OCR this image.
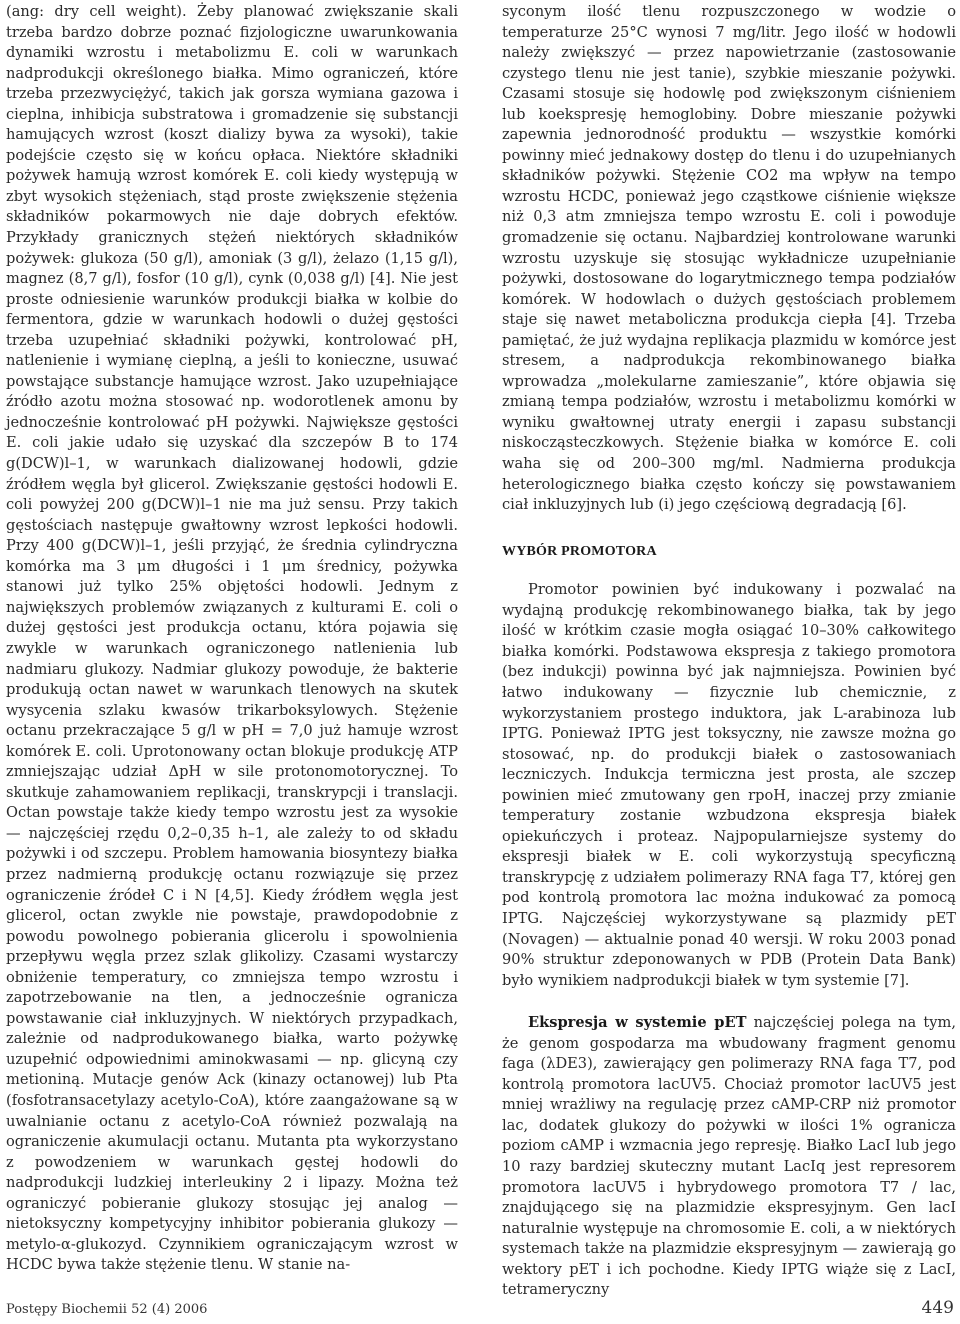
(ang: dry cell weight). Żeby planować zwiększanie skali trzeba bardzo dobrze poznać fizjologiczne uwarunkowania dynamiki wzrostu i metabolizmu E. coli w warunkach nadprodukcji określonego białka. Mimo ograniczeń, które trzeba przezwyciężyć, takich jak gorsza wymiana gazowa i cieplna, inhibicja substratowa i gromadzenie się substancji hamujących wzrost (koszt dializy bywa za wysoki), takie podejście często się w końcu opłaca. Niektóre składniki pożywek hamują wzrost komórek E. coli kiedy występują w zbyt wysokich stężeniach, stąd proste zwiększenie stężenia składników pokarmowych nie daje dobrych efektów. Przykłady granicznych stężeń niektórych składników pożywek: glukoza (50 g/l), amoniak (3 g/l), żelazo (1,15 g/l), magnez (8,7 g/l), fosfor (10 g/l), cynk (0,038 g/l) [4]. Nie jest proste odniesienie warunków produkcji białka w kolbie do fermentora, gdzie w warunkach hodowli o dużej gęstości trzeba uzupełniać składniki pożywki, kontrolować pH, natlenienie i wymianę cieplną, a jeśli to konieczne, usuwać powstające substancje hamujące wzrost. Jako uzupełniające źródło azotu można stosować np. wodorotlenek amonu by jednocześnie kontrolować pH pożywki. Największe gęstości E. coli jakie udało się uzyskać dla szczepów B to 174 g(DCW)l–1, w warunkach dializowanej hodowli, gdzie źródłem węgla był glicerol. Zwiększanie gęstości hodowli E. coli powyżej 200 g(DCW)l–1 nie ma już sensu. Przy takich gęstościach następuje gwałtowny wzrost lepkości hodowli. Przy 400 g(DCW)l–1, jeśli przyjąć, że średnia cylindryczna komórka ma 3 μm długości i 1 μm średnicy, pożywka stanowi już tylko 25% objętości hodowli. Jednym z największych problemów związanych z kulturami E. coli o dużej gęstości jest produkcja octanu, która pojawia się zwykle w warunkach ograniczonego natlenienia lub nadmiaru glukozy. Nadmiar glukozy powoduje, że bakterie produkują octan nawet w warunkach tlenowych na skutek wysycenia szlaku kwasów trikarboksylowych. Stężenie octanu przekraczające 5 g/l w pH = 7,0 już hamuje wzrost komórek E. coli. Uprotonowany octan blokuje produkcję ATP zmniejszając udział ΔpH w sile protonomotorycznej. To skutkuje zahamowaniem replikacji, transkrypcji i translacji. Octan powstaje także kiedy tempo wzrostu jest za wysokie — najczęściej rzędu 0,2–0,35 h–1, ale zależy to od składu pożywki i od szczepu. Problem hamowania biosyntezy białka przez nadmierną produkcję octanu rozwiązuje się przez ograniczenie źródeł C i N [4,5]. Kiedy źródłem węgla jest glicerol, octan zwykle nie powstaje, prawdopodobnie z powodu powolnego pobierania glicerolu i spowolnienia przepływu węgla przez szlak glikolizy. Czasami wystarczy obniżenie temperatury, co zmniejsza tempo wzrostu i zapotrzebowanie na tlen, a jednocześnie ogranicza powstawanie ciał inkluzyjnych. W niektórych przypadkach, zależnie od nadprodukowanego białka, warto pożywkę uzupełnić odpowiednimi aminokwasami — np. glicyną czy metioniną. Mutacje genów Ack (kinazy octanowej) lub Pta (fosfotransacetylazy acetylo-CoA), które zaangażowane są w uwalnianie octanu z acetylo-CoA również pozwalają na ograniczenie akumulacji octanu. Mutanta pta wykorzystano z powodzeniem w warunkach gęstej hodowli do nadprodukcji ludzkiej interleukiny 2 i lipazy. Można też ograniczyć pobieranie glukozy stosując jej analog — nietoksyczny kompetycyjny inhibitor pobierania glukozy — metylo-α-glukozyd. Czynnikiem ograniczającym wzrost w HCDC bywa także stężenie tlenu. W stanie na-

syconym ilość tlenu rozpuszczonego w wodzie o temperaturze 25°C wynosi 7 mg/litr. Jego ilość w hodowli należy zwiększyć — przez napowietrzanie (zastosowanie czystego tlenu nie jest tanie), szybkie mieszanie pożywki. Czasami stosuje się hodowlę pod zwiększonym ciśnieniem lub koekspresję hemoglobiny. Dobre mieszanie pożywki zapewnia jednorodność produktu — wszystkie komórki powinny mieć jednakowy dostęp do tlenu i do uzupełnianych składników pożywki. Stężenie CO2 ma wpływ na tempo wzrostu HCDC, ponieważ jego cząstkowe ciśnienie większe niż 0,3 atm zmniejsza tempo wzrostu E. coli i powoduje gromadzenie się octanu. Najbardziej kontrolowane warunki wzrostu uzyskuje się stosując wykładnicze uzupełnianie pożywki, dostosowane do logarytmicznego tempa podziałów komórek. W hodowlach o dużych gęstościach problemem staje się nawet metaboliczna produkcja ciepła [4]. Trzeba pamiętać, że już wydajna replikacja plazmidu w komórce jest stresem, a nadprodukcja rekombinowanego białka wprowadza „molekularne zamieszanie”, które objawia się zmianą tempa podziałów, wzrostu i metabolizmu komórki w wyniku gwałtownej utraty energii i zapasu substancji niskocząsteczkowych. Stężenie białka w komórce E. coli waha się od 200–300 mg/ml. Nadmierna produkcja heterologicznego białka często kończy się powstawaniem ciał inkluzyjnych lub (i) jego częściową degradacją [6].

WYBÓR PROMOTORA

Promotor powinien być indukowany i pozwalać na wydajną produkcję rekombinowanego białka, tak by jego ilość w krótkim czasie mogła osiągać 10–30% całkowitego białka komórki. Podstawowa ekspresja z takiego promotora (bez indukcji) powinna być jak najmniejsza. Powinien być łatwo indukowany — fizycznie lub chemicznie, z wykorzystaniem prostego induktora, jak L-arabinoza lub IPTG. Ponieważ IPTG jest toksyczny, nie zawsze można go stosować, np. do produkcji białek o zastosowaniach leczniczych. Indukcja termiczna jest prosta, ale szczep powinien mieć zmutowany gen rpoH, inaczej przy zmianie temperatury zostanie wzbudzona ekspresja białek opiekuńczych i proteaz. Najpopularniejsze systemy do ekspresji białek w E. coli wykorzystują specyficzną transkrypcję z udziałem polimerazy RNA faga T7, której gen pod kontrolą promotora lac można indukować za pomocą IPTG. Najczęściej wykorzystywane są plazmidy pET (Novagen) — aktualnie ponad 40 wersji. W roku 2003 ponad 90% struktur zdeponowanych w PDB (Protein Data Bank) było wynikiem nadprodukcji białek w tym systemie [7].

Ekspresja w systemie pET najczęściej polega na tym, że genom gospodarza ma wbudowany fragment genomu faga (λDE3), zawierający gen polimerazy RNA faga T7, pod kontrolą promotora lacUV5. Chociaż promotor lacUV5 jest mniej wrażliwy na regulację przez cAMP-CRP niż promotor lac, dodatek glukozy do pożywki w ilości 1% ogranicza poziom cAMP i wzmacnia jego represję. Białko LacI lub jego 10 razy bardziej skuteczny mutant LacIq jest represorem promotora lacUV5 i hybrydowego promotora T7 / lac, znajdującego się na plazmidzie ekspresyjnym. Gen lacI naturalnie występuje na chromosomie E. coli, a w niektórych systemach także na plazmidzie ekspresyjnym — zawierają go wektory pET i ich pochodne. Kiedy IPTG wiąże się z LacI, tetrameryczny

Postępy Biochemii 52 (4) 2006	449
